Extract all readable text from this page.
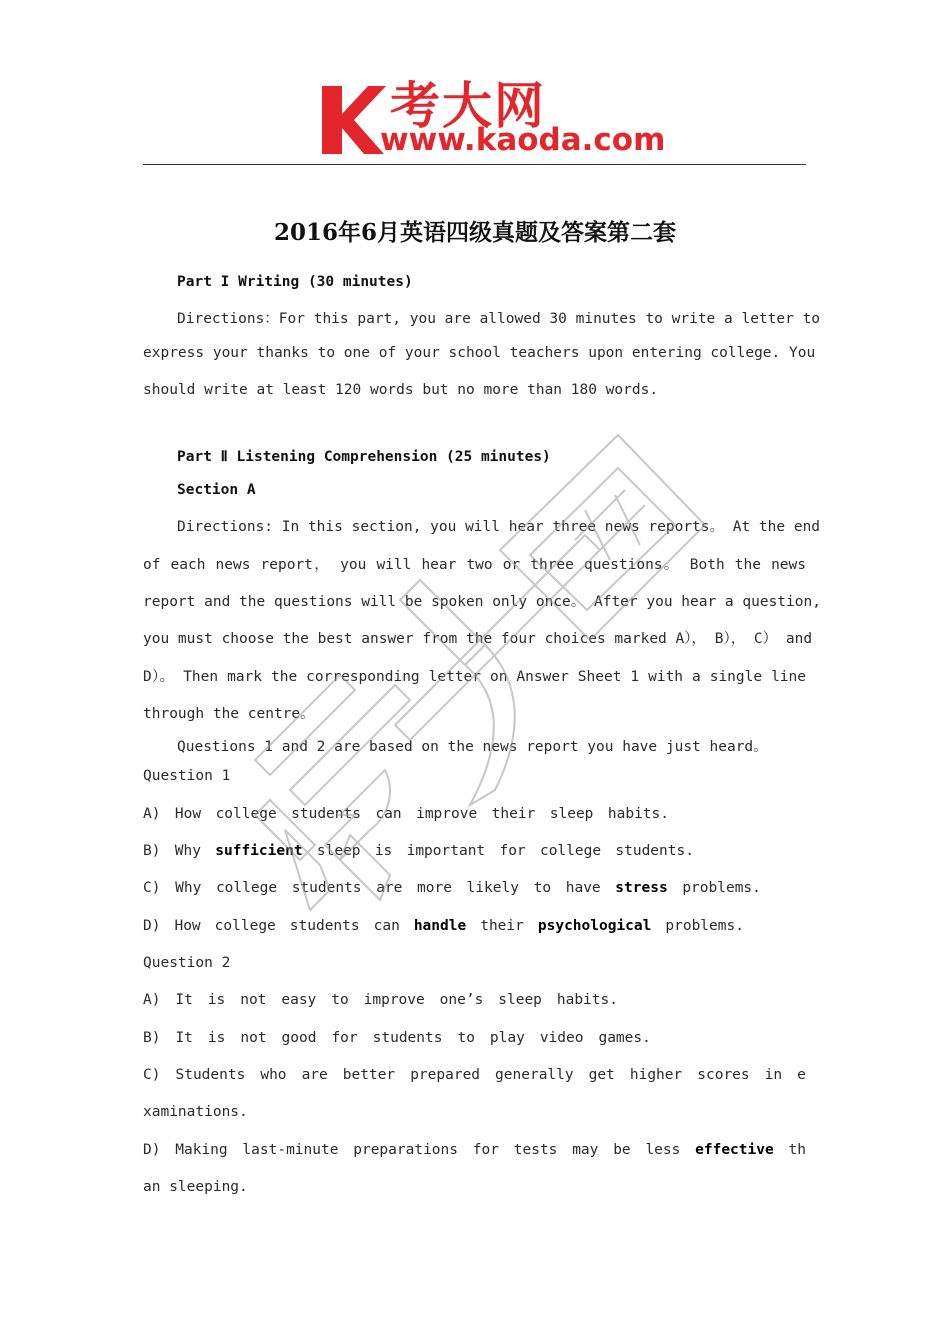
考大网
www.kaoda.com
2016年6月英语四级真题及答案第二套
Part I Writing (30 minutes)
Directions：For this part, you are allowed 30 minutes to write a letter to
express your thanks to one of your school teachers upon entering college. You
should write at least 120 words but no more than 180 words.
Part Ⅱ Listening Comprehension (25 minutes)
Section A
Directions: In this section, you will hear three news reports。 At the end
of each news report， you will hear two or three questions。 Both the news
report and the questions will be spoken only once。 After you hear a question,
you must choose the best answer from the four choices marked A）， B）， C） and
D）。 Then mark the corresponding letter on Answer Sheet 1 with a single line
through the centre。
Questions 1 and 2 are based on the news report you have just heard。
Question 1
A) How college students can improve their sleep habits.
B) Why sufficient sleep is important for college students.
C) Why college students are more likely to have stress problems.
D) How college students can handle their psychological problems.
Question 2
A) It is not easy to improve one’s sleep habits.
B) It is not good for students to play video games.
C) Students who are better prepared generally get higher scores in e
xaminations.
D) Making last-minute preparations for tests may be less effective th
an sleeping.
